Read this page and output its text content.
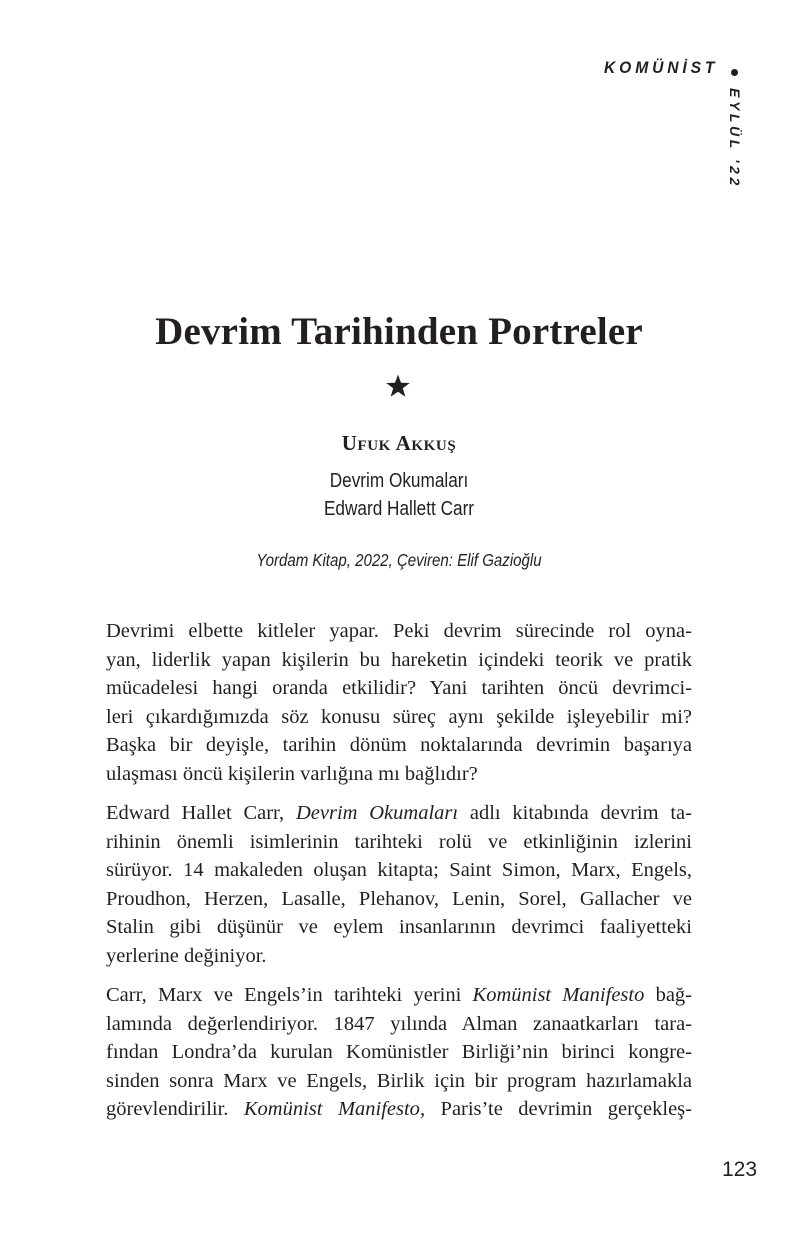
KOMÜNİST
EYLÜL '22
Devrim Tarihinden Portreler
Ufuk Akkuş
Devrim Okumaları
Edward Hallett Carr
Yordam Kitap, 2022, Çeviren: Elif Gazioğlu
Devrimi elbette kitleler yapar. Peki devrim sürecinde rol oyna-
yan, liderlik yapan kişilerin bu hareketin içindeki teorik ve pratik
mücadelesi hangi oranda etkilidir? Yani tarihten öncü devrimci-
leri çıkardığımızda söz konusu süreç aynı şekilde işleyebilir mi?
Başka bir deyişle, tarihin dönüm noktalarında devrimin başarıya
ulaşması öncü kişilerin varlığına mı bağlıdır?
Edward Hallet Carr, Devrim Okumaları adlı kitabında devrim ta-
rihinin önemli isimlerinin tarihteki rolü ve etkinliğinin izlerini
sürüyor. 14 makaleden oluşan kitapta; Saint Simon, Marx, Engels,
Proudhon, Herzen, Lasalle, Plehanov, Lenin, Sorel, Gallacher ve
Stalin gibi düşünür ve eylem insanlarının devrimci faaliyetteki
yerlerine değiniyor.
Carr, Marx ve Engels’in tarihteki yerini Komünist Manifesto bağ-
lamında değerlendiriyor. 1847 yılında Alman zanaatkarları tara-
fından Londra’da kurulan Komünistler Birliği’nin birinci kongre-
sinden sonra Marx ve Engels, Birlik için bir program hazırlamakla
görevlendirilir. Komünist Manifesto, Paris’te devrimin gerçekleş-
123
